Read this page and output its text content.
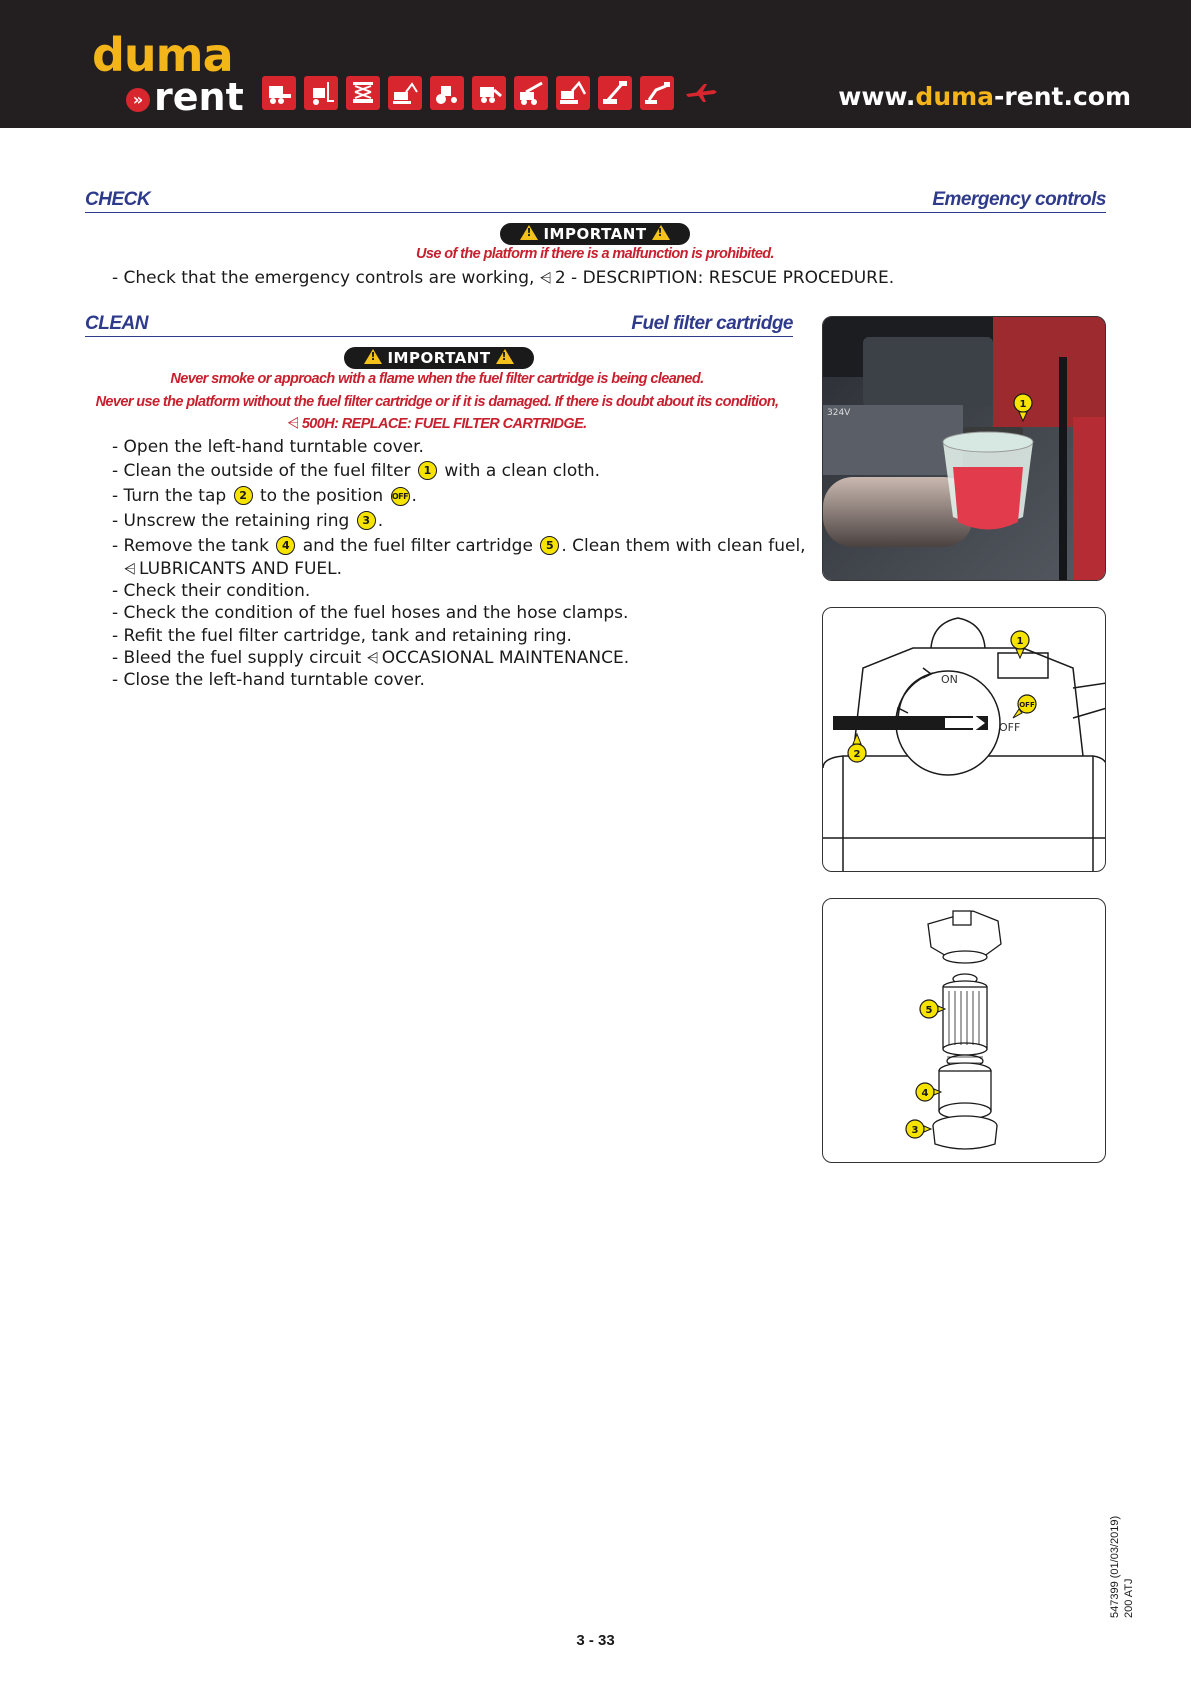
duma
» rent	www.duma-rent.com
CHECK	Emergency controls
!IMPORTANT!
Use of the platform if there is a malfunction is prohibited.
- Check that the emergency controls are working, ⩤ 2 - DESCRIPTION: RESCUE PROCEDURE.
CLEAN	Fuel filter cartridge
!IMPORTANT!
Never smoke or approach with a flame when the fuel filter cartridge is being cleaned.
Never use the platform without the fuel filter cartridge or if it is damaged. If there is doubt about its condition,
⩤ 500H: REPLACE: FUEL FILTER CARTRIDGE.
- Open the left-hand turntable cover.
- Clean the outside of the fuel filter 1 with a clean cloth.
- Turn the tap 2 to the position OFF .
- Unscrew the retaining ring 3 .
- Remove the tank 4 and the fuel filter cartridge 5 . Clean them with clean fuel,
⩤ LUBRICANTS AND FUEL.
- Check their condition.
- Check the condition of the fuel hoses and the hose clamps.
- Refit the fuel filter cartridge, tank and retaining ring.
- Bleed the fuel supply circuit ⩤ OCCASIONAL MAINTENANCE.
- Close the left-hand turntable cover.
324V
1
ON
OFF
1
OFF
2
5
4
3
547399 (01/03/2019) 200 ATJ
3 - 33
